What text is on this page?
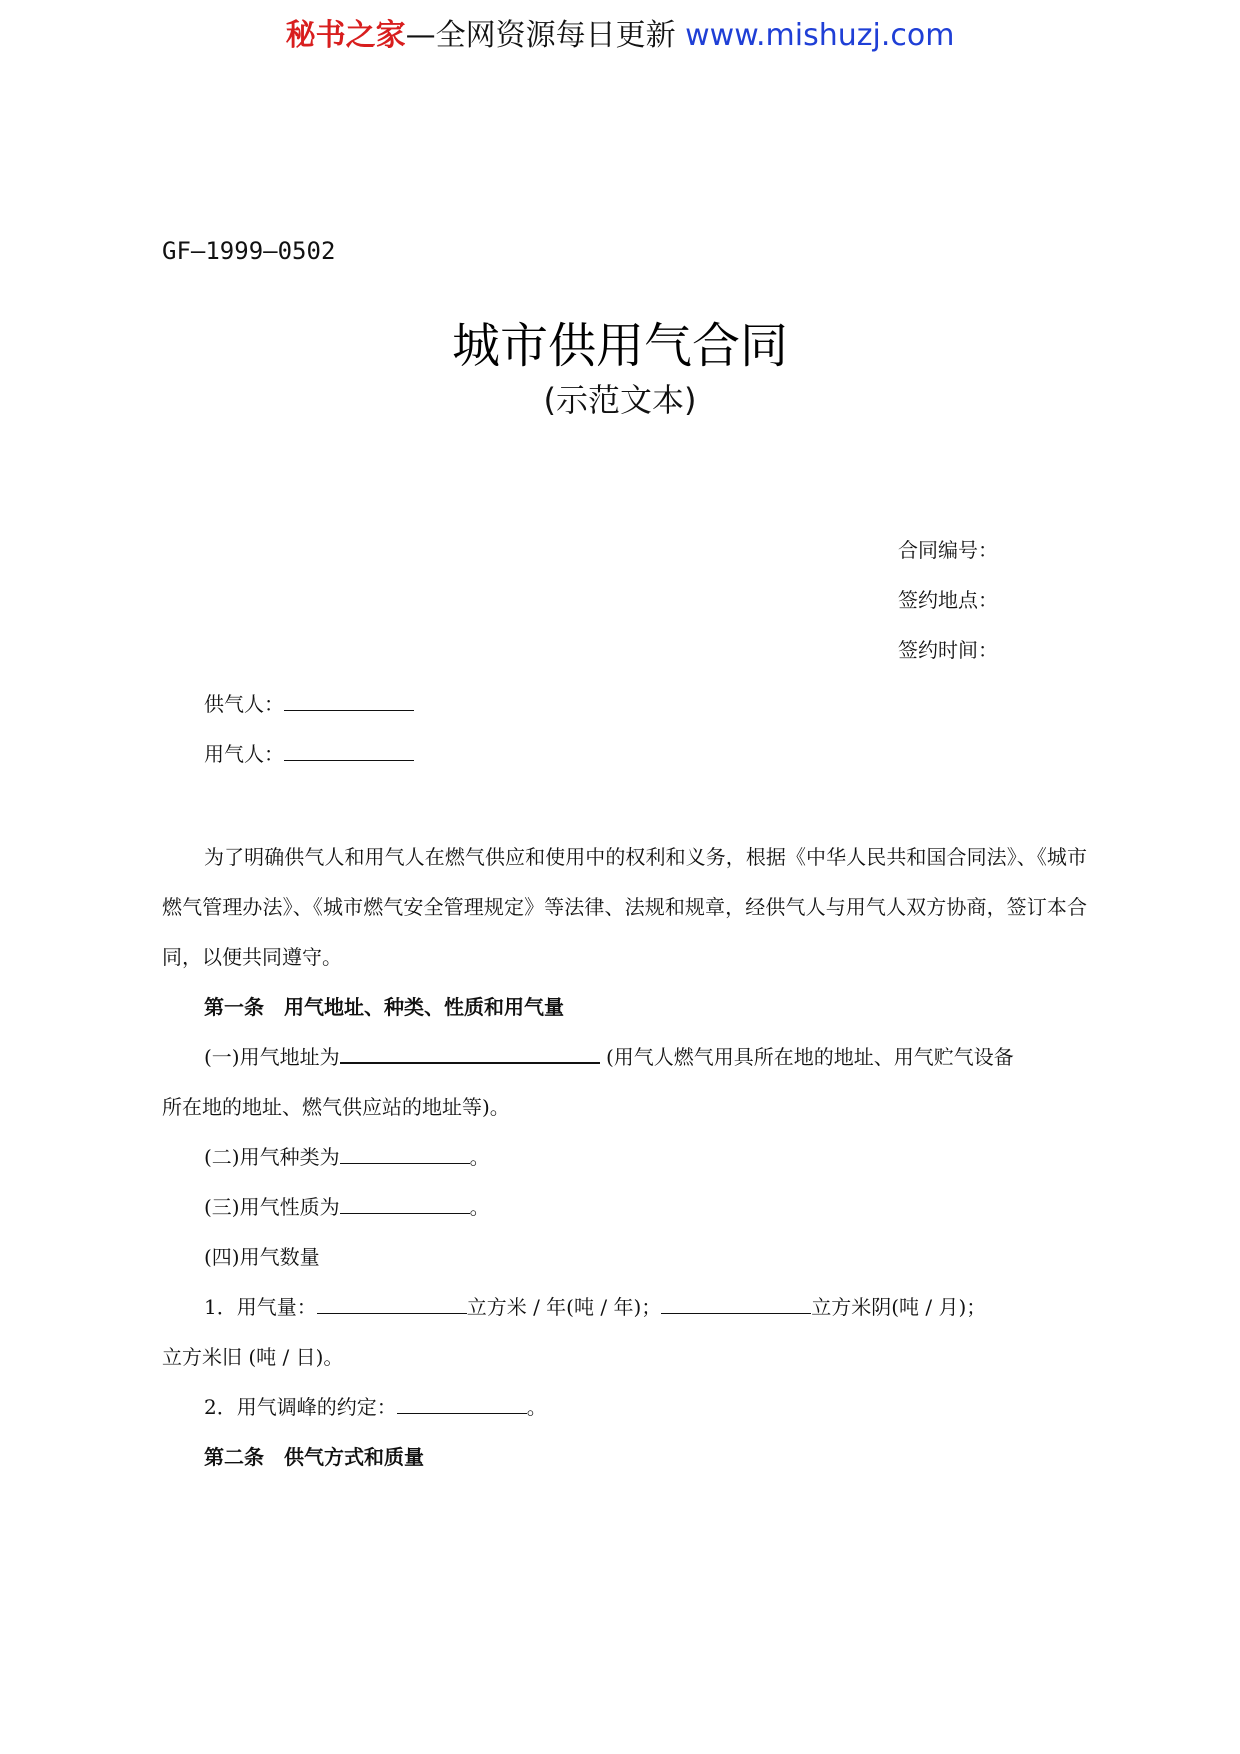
秘书之家—全网资源每日更新 www.mishuzj.com
GF—1999—0502
城市供用气合同
(示范文本)
合同编号：
签约地点：
签约时间：
供气人：
用气人：

为了明确供气人和用气人在燃气供应和使用中的权利和义务，根据《中华人民共和国合同法》、《城市燃气管理办法》、《城市燃气安全管理规定》等法律、法规和规章，经供气人与用气人双方协商，签订本合同，以便共同遵守。

第一条　用气地址、种类、性质和用气量

(一)用气地址为	(用气人燃气用具所在地的地址、用气贮气设备

所在地的地址、燃气供应站的地址等)。

(二)用气种类为	。

(三)用气性质为	。

(四)用气数量

1．用气量：	立方米 / 年(吨 / 年)；	立方米阴(吨 / 月)；

立方米旧 (吨 / 日)。

2．用气调峰的约定：	。

第二条　供气方式和质量
